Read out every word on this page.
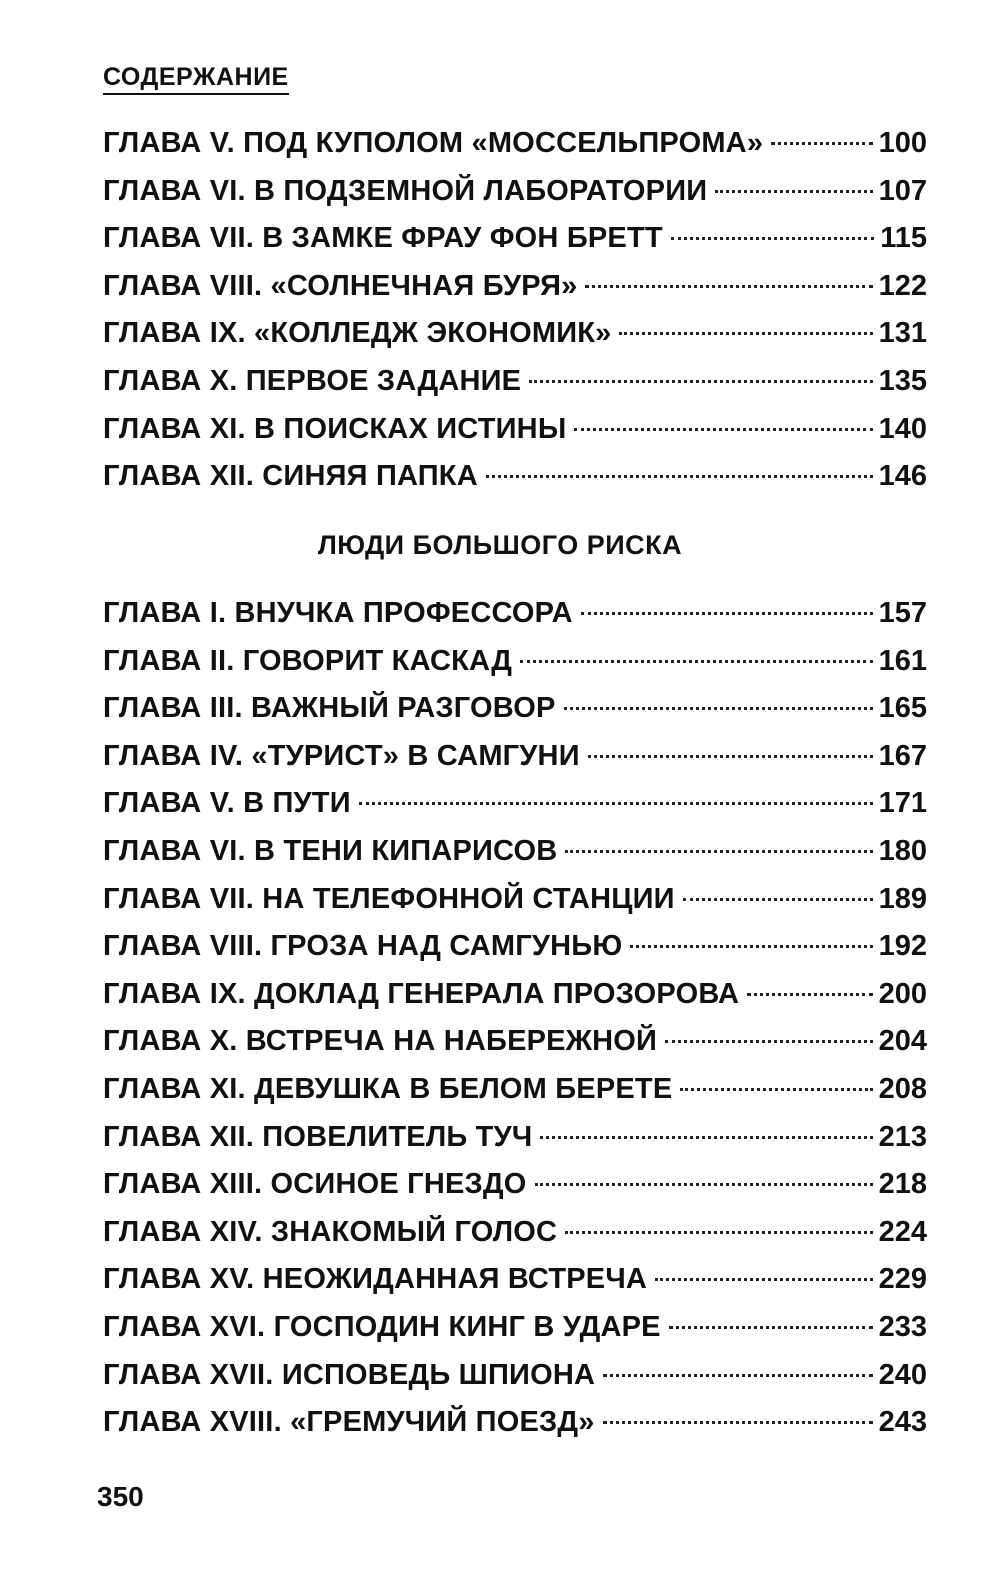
СОДЕРЖАНИЕ
ГЛАВА V. ПОД КУПОЛОМ «МОССЕЛЬПРОМА»	100
ГЛАВА VI. В ПОДЗЕМНОЙ ЛАБОРАТОРИИ	107
ГЛАВА VII. В ЗАМКЕ ФРАУ ФОН БРЕТТ	115
ГЛАВА VIII. «СОЛНЕЧНАЯ БУРЯ»	122
ГЛАВА IX. «КОЛЛЕДЖ ЭКОНОМИК»	131
ГЛАВА X. ПЕРВОЕ ЗАДАНИЕ	135
ГЛАВА XI. В ПОИСКАХ ИСТИНЫ	140
ГЛАВА XII. СИНЯЯ ПАПКА	146
ЛЮДИ БОЛЬШОГО РИСКА
ГЛАВА I. ВНУЧКА ПРОФЕССОРА	157
ГЛАВА II. ГОВОРИТ КАСКАД	161
ГЛАВА III. ВАЖНЫЙ РАЗГОВОР	165
ГЛАВА IV. «ТУРИСТ» В САМГУНИ	167
ГЛАВА V. В ПУТИ	171
ГЛАВА VI. В ТЕНИ КИПАРИСОВ	180
ГЛАВА VII. НА ТЕЛЕФОННОЙ СТАНЦИИ	189
ГЛАВА VIII. ГРОЗА НАД САМГУНЬЮ	192
ГЛАВА IX. ДОКЛАД ГЕНЕРАЛА ПРОЗОРОВА	200
ГЛАВА X. ВСТРЕЧА НА НАБЕРЕЖНОЙ	204
ГЛАВА XI. ДЕВУШКА В БЕЛОМ БЕРЕТЕ	208
ГЛАВА XII. ПОВЕЛИТЕЛЬ ТУЧ	213
ГЛАВА XIII. ОСИНОЕ ГНЕЗДО	218
ГЛАВА XIV. ЗНАКОМЫЙ ГОЛОС	224
ГЛАВА XV. НЕОЖИДАННАЯ ВСТРЕЧА	229
ГЛАВА XVI. ГОСПОДИН КИНГ В УДАРЕ	233
ГЛАВА XVII. ИСПОВЕДЬ ШПИОНА	240
ГЛАВА XVIII. «ГРЕМУЧИЙ ПОЕЗД»	243
350
